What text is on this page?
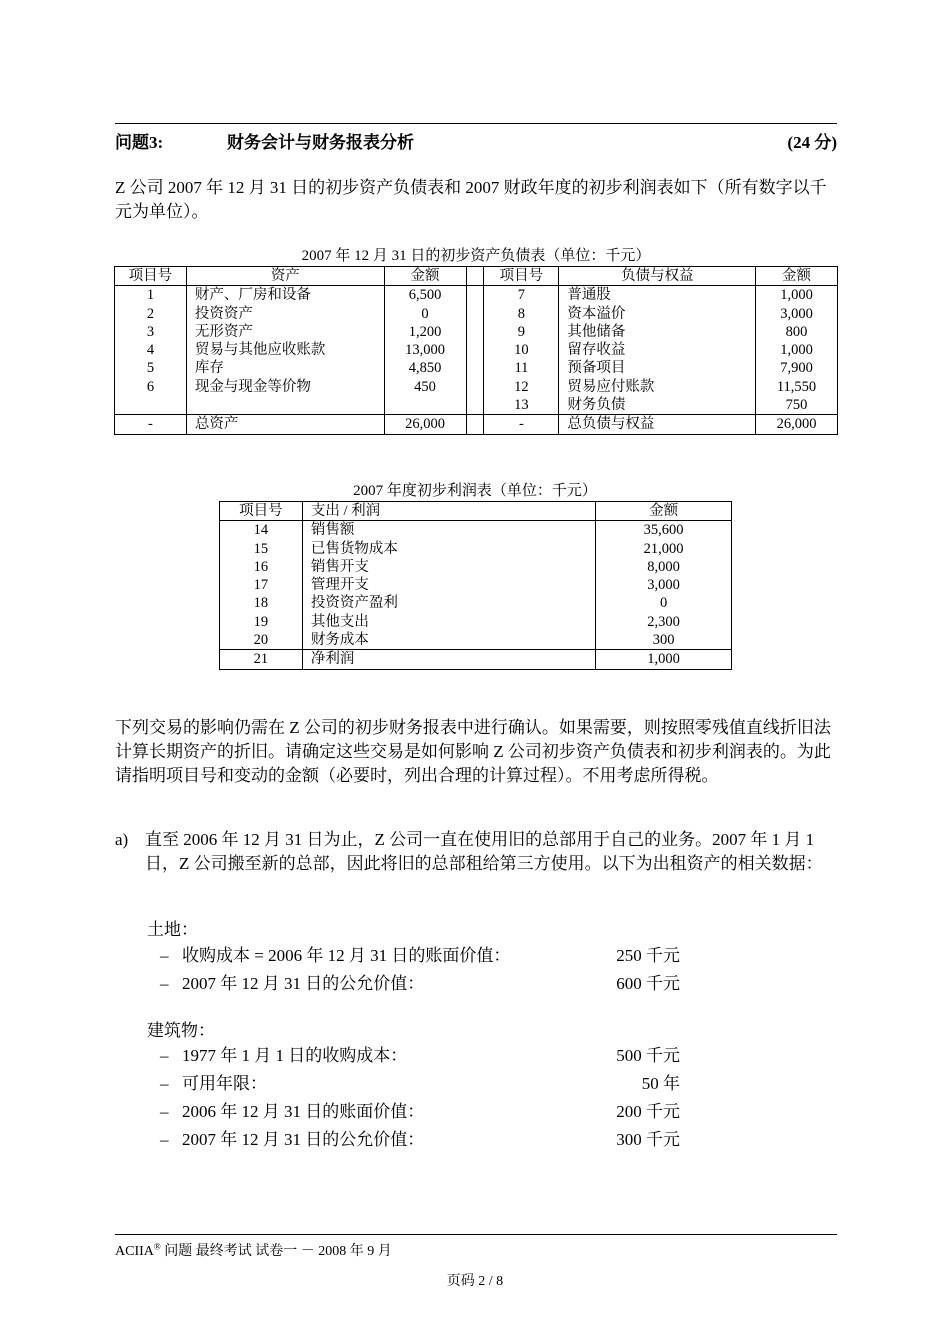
问题3:	财务会计与财务报表分析	(24 分)

Z 公司 2007 年 12 月 31 日的初步资产负债表和 2007 财政年度的初步利润表如下（所有数字以千元为单位）。

2007 年 12 月 31 日的初步资产负债表（单位：千元）
项目号	资产	金额		项目号	负债与权益	金额
1	财产、厂房和设备	6,500		7	普通股	1,000
2	投资资产	0		8	资本溢价	3,000
3	无形资产	1,200		9	其他储备	800
4	贸易与其他应收账款	13,000		10	留存收益	1,000
5	库存	4,850		11	预备项目	7,900
6	现金与现金等价物	450		12	贸易应付账款	11,550
				13	财务负债	750
-	总资产	26,000		-	总负债与权益	26,000
2007 年度初步利润表（单位：千元）
项目号	支出 / 利润	金额
14	销售额	35,600
15	已售货物成本	21,000
16	销售开支	8,000
17	管理开支	3,000
18	投资资产盈利	0
19	其他支出	2,300
20	财务成本	300
21	净利润	1,000

下列交易的影响仍需在 Z 公司的初步财务报表中进行确认。如果需要，则按照零残值直线折旧法计算长期资产的折旧。请确定这些交易是如何影响 Z 公司初步资产负债表和初步利润表的。为此请指明项目号和变动的金额（必要时，列出合理的计算过程）。不用考虑所得税。

a) 直至 2006 年 12 月 31 日为止，Z 公司一直在使用旧的总部用于自己的业务。2007 年 1 月 1 日，Z 公司搬至新的总部，因此将旧的总部租给第三方使用。以下为出租资产的相关数据：
土地：
– 收购成本 = 2006 年 12 月 31 日的账面价值：	250 千元
– 2007 年 12 月 31 日的公允价值：	600 千元
建筑物：
– 1977 年 1 月 1 日的收购成本：	500 千元
– 可用年限：	50 年
– 2006 年 12 月 31 日的账面价值：	200 千元
– 2007 年 12 月 31 日的公允价值：	300 千元
ACIIA® 问题 最终考试 试卷一 － 2008 年 9 月
页码 2 / 8
